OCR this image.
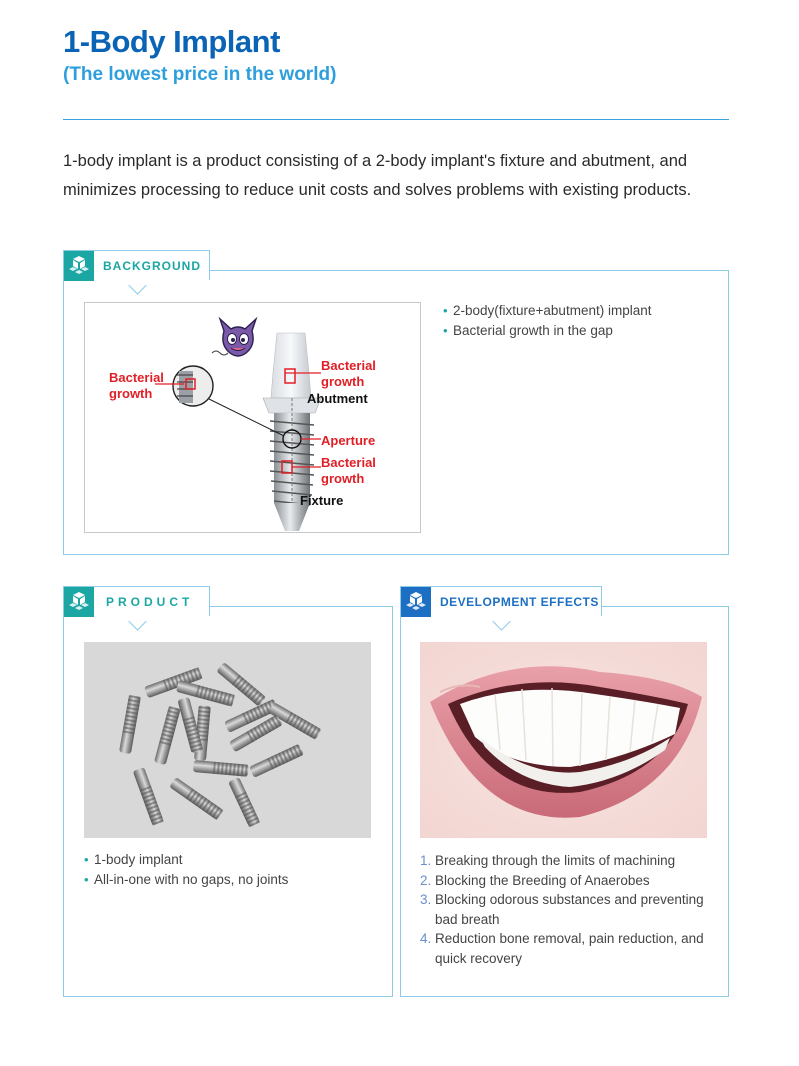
1-Body Implant
(The lowest price in the world)

1-body implant is a product consisting of a 2-body implant's fixture and abutment, and minimizes processing to reduce unit costs and solves problems with existing products.

BACKGROUND
Bacterial
growth
Bacterial
growth
Abutment
Aperture
Bacterial
growth
Fixture
• 2-body(fixture+abutment) implant
• Bacterial growth in the gap
PRODUCT
• 1-body implant
• All-in-one with no gaps, no joints
DEVELOPMENT EFFECTS
1. Breaking through the limits of machining
2. Blocking the Breeding of Anaerobes
3. Blocking odorous substances and preventing bad breath
4. Reduction bone removal, pain reduction, and quick recovery
